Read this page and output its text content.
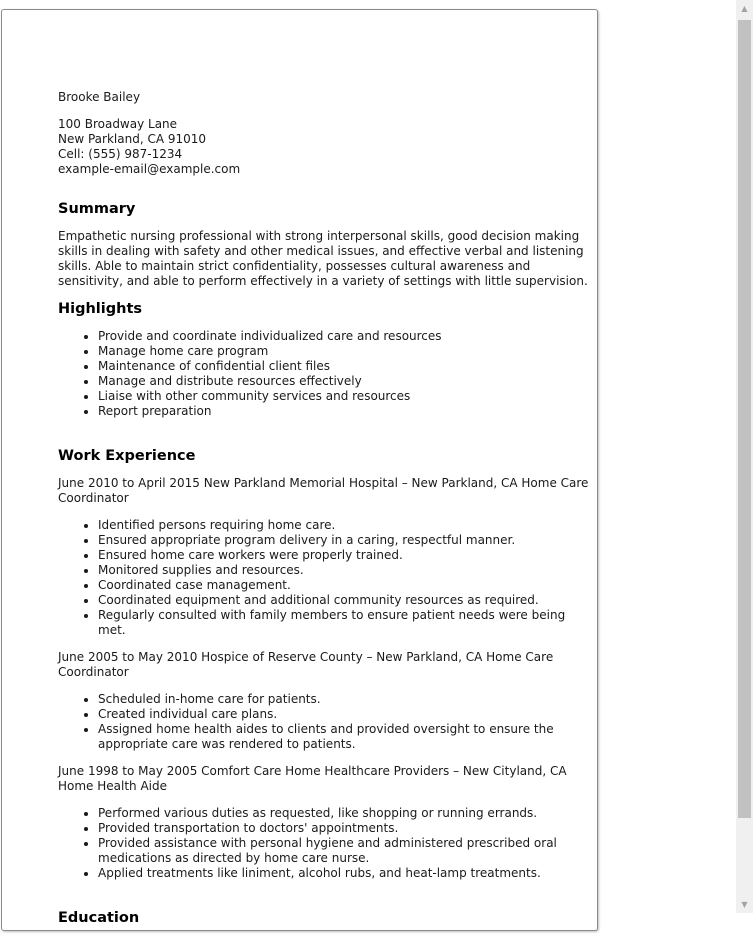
Brooke Bailey
100 Broadway Lane
New Parkland, CA 91010
Cell: (555) 987-1234
example-email@example.com
Summary

Empathetic nursing professional with strong interpersonal skills, good decision making skills in dealing with safety and other medical issues, and effective verbal and listening skills. Able to maintain strict confidentiality, possesses cultural awareness and sensitivity, and able to perform effectively in a variety of settings with little supervision.

Highlights
• Provide and coordinate individualized care and resources
• Manage home care program
• Maintenance of confidential client files
• Manage and distribute resources effectively
• Liaise with other community services and resources
• Report preparation
Work Experience

June 2010 to April 2015 New Parkland Memorial Hospital – New Parkland, CA Home Care Coordinator

• Identified persons requiring home care.
• Ensured appropriate program delivery in a caring, respectful manner.
• Ensured home care workers were properly trained.
• Monitored supplies and resources.
• Coordinated case management.
• Coordinated equipment and additional community resources as required.
• Regularly consulted with family members to ensure patient needs were being met.

June 2005 to May 2010 Hospice of Reserve County – New Parkland, CA Home Care Coordinator

• Scheduled in-home care for patients.
• Created individual care plans.
• Assigned home health aides to clients and provided oversight to ensure the appropriate care was rendered to patients.

June 1998 to May 2005 Comfort Care Home Healthcare Providers – New Cityland, CA Home Health Aide

• Performed various duties as requested, like shopping or running errands.
• Provided transportation to doctors' appointments.
• Provided assistance with personal hygiene and administered prescribed oral medications as directed by home care nurse.
• Applied treatments like liniment, alcohol rubs, and heat-lamp treatments.
Education
▲
▼
